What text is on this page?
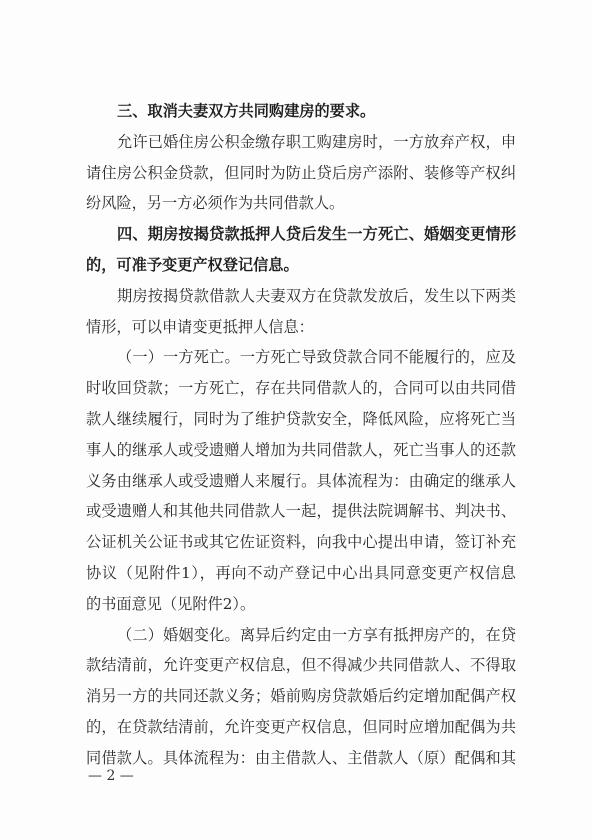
三、取消夫妻双方共同购建房的要求。
允许已婚住房公积金缴存职工购建房时，一方放弃产权，申
请住房公积金贷款，但同时为防止贷后房产添附、装修等产权纠
纷风险，另一方必须作为共同借款人。
四、期房按揭贷款抵押人贷后发生一方死亡、婚姻变更情形
的，可准予变更产权登记信息。
期房按揭贷款借款人夫妻双方在贷款发放后，发生以下两类
情形，可以申请变更抵押人信息：
（一）一方死亡。一方死亡导致贷款合同不能履行的，应及
时收回贷款；一方死亡，存在共同借款人的，合同可以由共同借
款人继续履行，同时为了维护贷款安全，降低风险，应将死亡当
事人的继承人或受遗赠人增加为共同借款人，死亡当事人的还款
义务由继承人或受遗赠人来履行。具体流程为：由确定的继承人
或受遗赠人和其他共同借款人一起，提供法院调解书、判决书、
公证机关公证书或其它佐证资料，向我中心提出申请，签订补充
协议（见附件1），再向不动产登记中心出具同意变更产权信息
的书面意见（见附件2）。
（二）婚姻变化。离异后约定由一方享有抵押房产的，在贷
款结清前，允许变更产权信息，但不得减少共同借款人、不得取
消另一方的共同还款义务；婚前购房贷款婚后约定增加配偶产权
的，在贷款结清前，允许变更产权信息，但同时应增加配偶为共
同借款人。具体流程为：由主借款人、主借款人（原）配偶和其
— 2 —
